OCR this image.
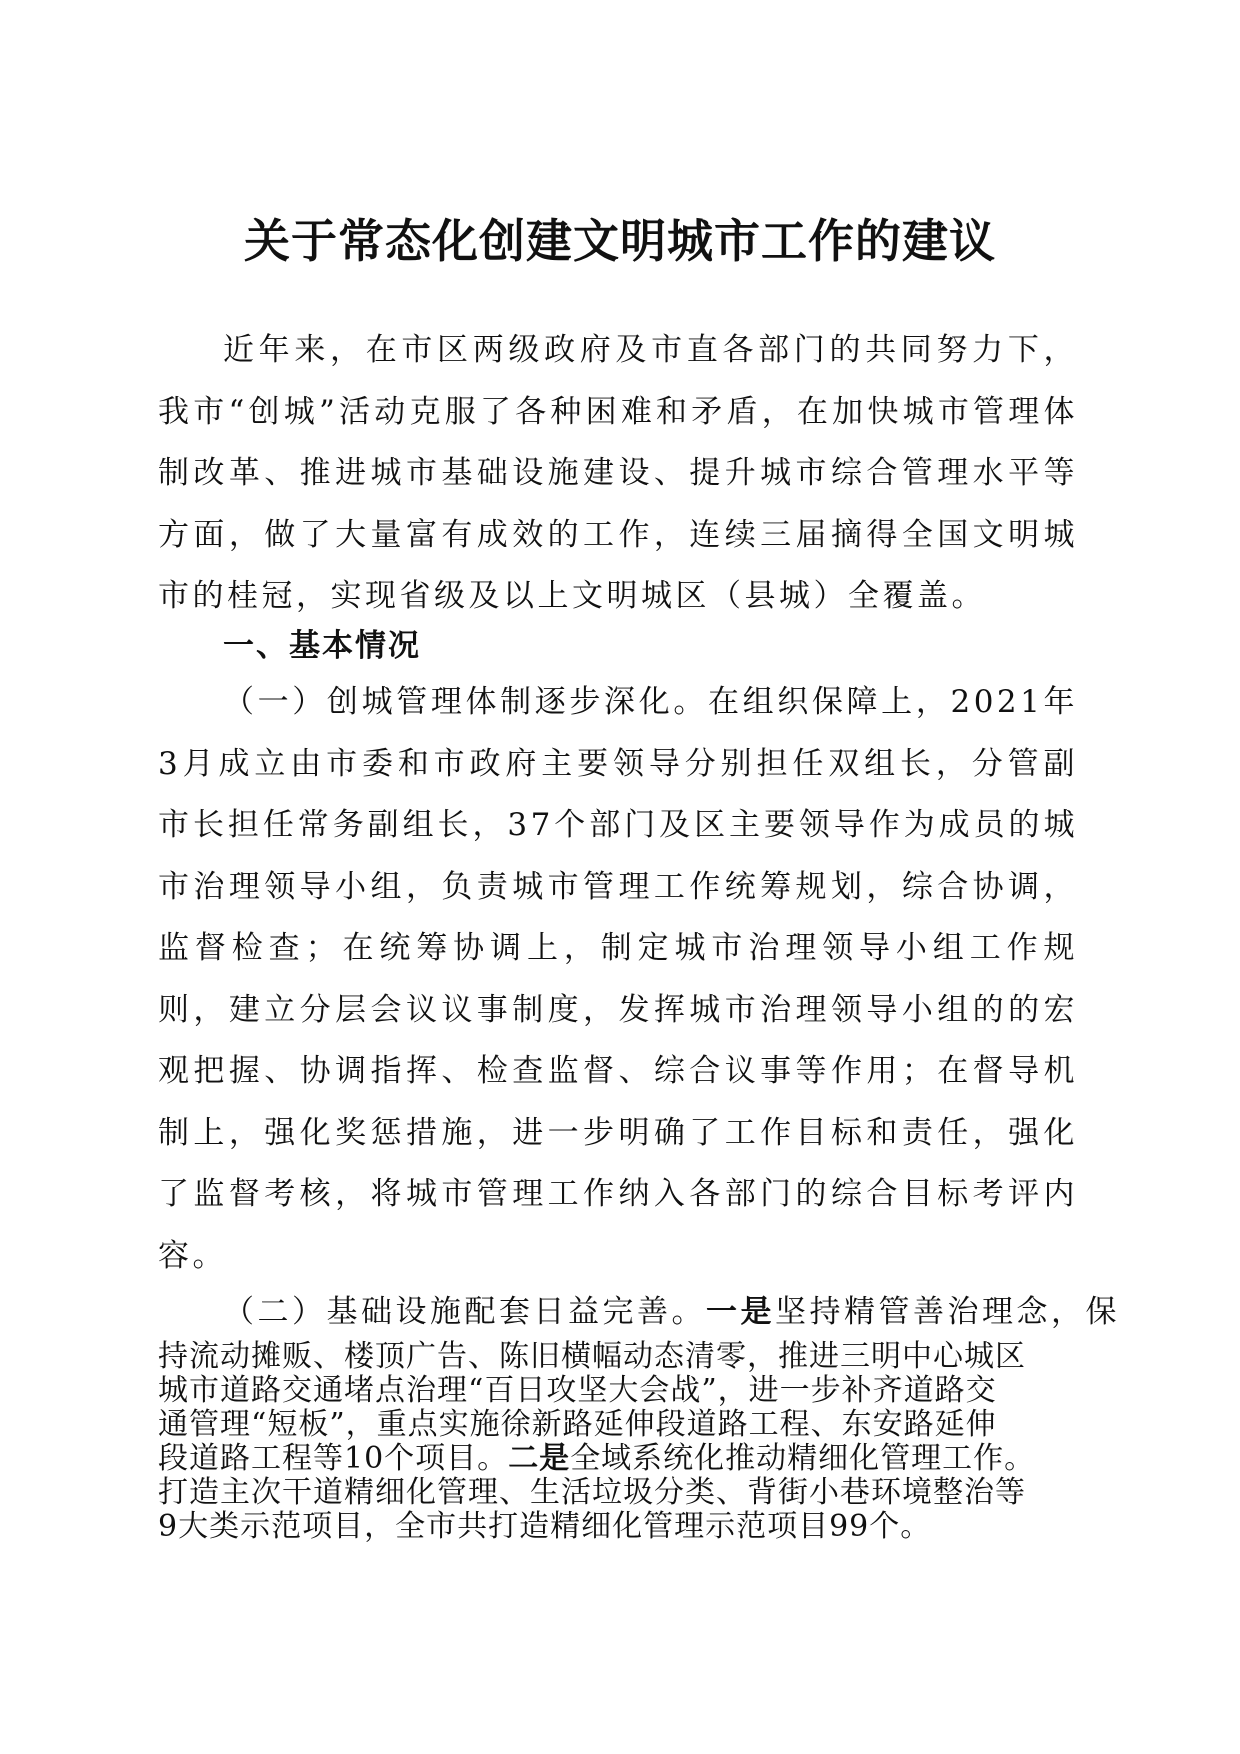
关于常态化创建文明城市工作的建议

近年来，在市区两级政府及市直各部门的共同努力下，我市“创城”活动克服了各种困难和矛盾，在加快城市管理体制改革、推进城市基础设施建设、提升城市综合管理水平等方面，做了大量富有成效的工作，连续三届摘得全国文明城市的桂冠，实现省级及以上文明城区（县城）全覆盖。

一、基本情况

（一）创城管理体制逐步深化。在组织保障上，2021年3月成立由市委和市政府主要领导分别担任双组长，分管副市长担任常务副组长，37个部门及区主要领导作为成员的城市治理领导小组，负责城市管理工作统筹规划，综合协调，监督检查；在统筹协调上，制定城市治理领导小组工作规则，建立分层会议议事制度，发挥城市治理领导小组的的宏观把握、协调指挥、检查监督、综合议事等作用；在督导机制上，强化奖惩措施，进一步明确了工作目标和责任，强化了监督考核，将城市管理工作纳入各部门的综合目标考评内容。

（二）基础设施配套日益完善。一是坚持精管善治理念，保

持流动摊贩、楼顶广告、陈旧横幅动态清零，推进三明中心城区
城市道路交通堵点治理“百日攻坚大会战”，进一步补齐道路交
通管理“短板”，重点实施徐新路延伸段道路工程、东安路延伸
段道路工程等10个项目。二是全域系统化推动精细化管理工作。
打造主次干道精细化管理、生活垃圾分类、背街小巷环境整治等
9大类示范项目，全市共打造精细化管理示范项目99个。
